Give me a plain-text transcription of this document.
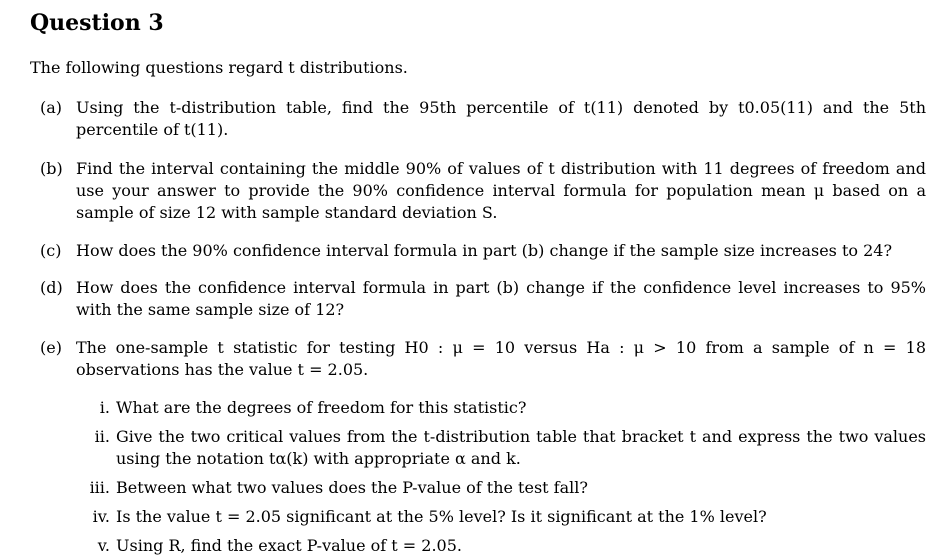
Question 3

The following questions regard t distributions.

(a) Using the t-distribution table, find the 95th percentile of t(11) denoted by t0.05(11) and the 5th percentile of t(11).
(b) Find the interval containing the middle 90% of values of t distribution with 11 degrees of freedom and use your answer to provide the 90% confidence interval formula for population mean μ based on a sample of size 12 with sample standard deviation S.
(c) How does the 90% confidence interval formula in part (b) change if the sample size increases to 24?
(d) How does the confidence interval formula in part (b) change if the confidence level increases to 95% with the same sample size of 12?
(e) The one-sample t statistic for testing H0 : μ = 10 versus Ha : μ > 10 from a sample of n = 18 observations has the value t = 2.05.
i. What are the degrees of freedom for this statistic?
ii. Give the two critical values from the t-distribution table that bracket t and express the two values using the notation tα(k) with appropriate α and k.
iii. Between what two values does the P-value of the test fall?
iv. Is the value t = 2.05 significant at the 5% level? Is it significant at the 1% level?
v. Using R, find the exact P-value of t = 2.05.
